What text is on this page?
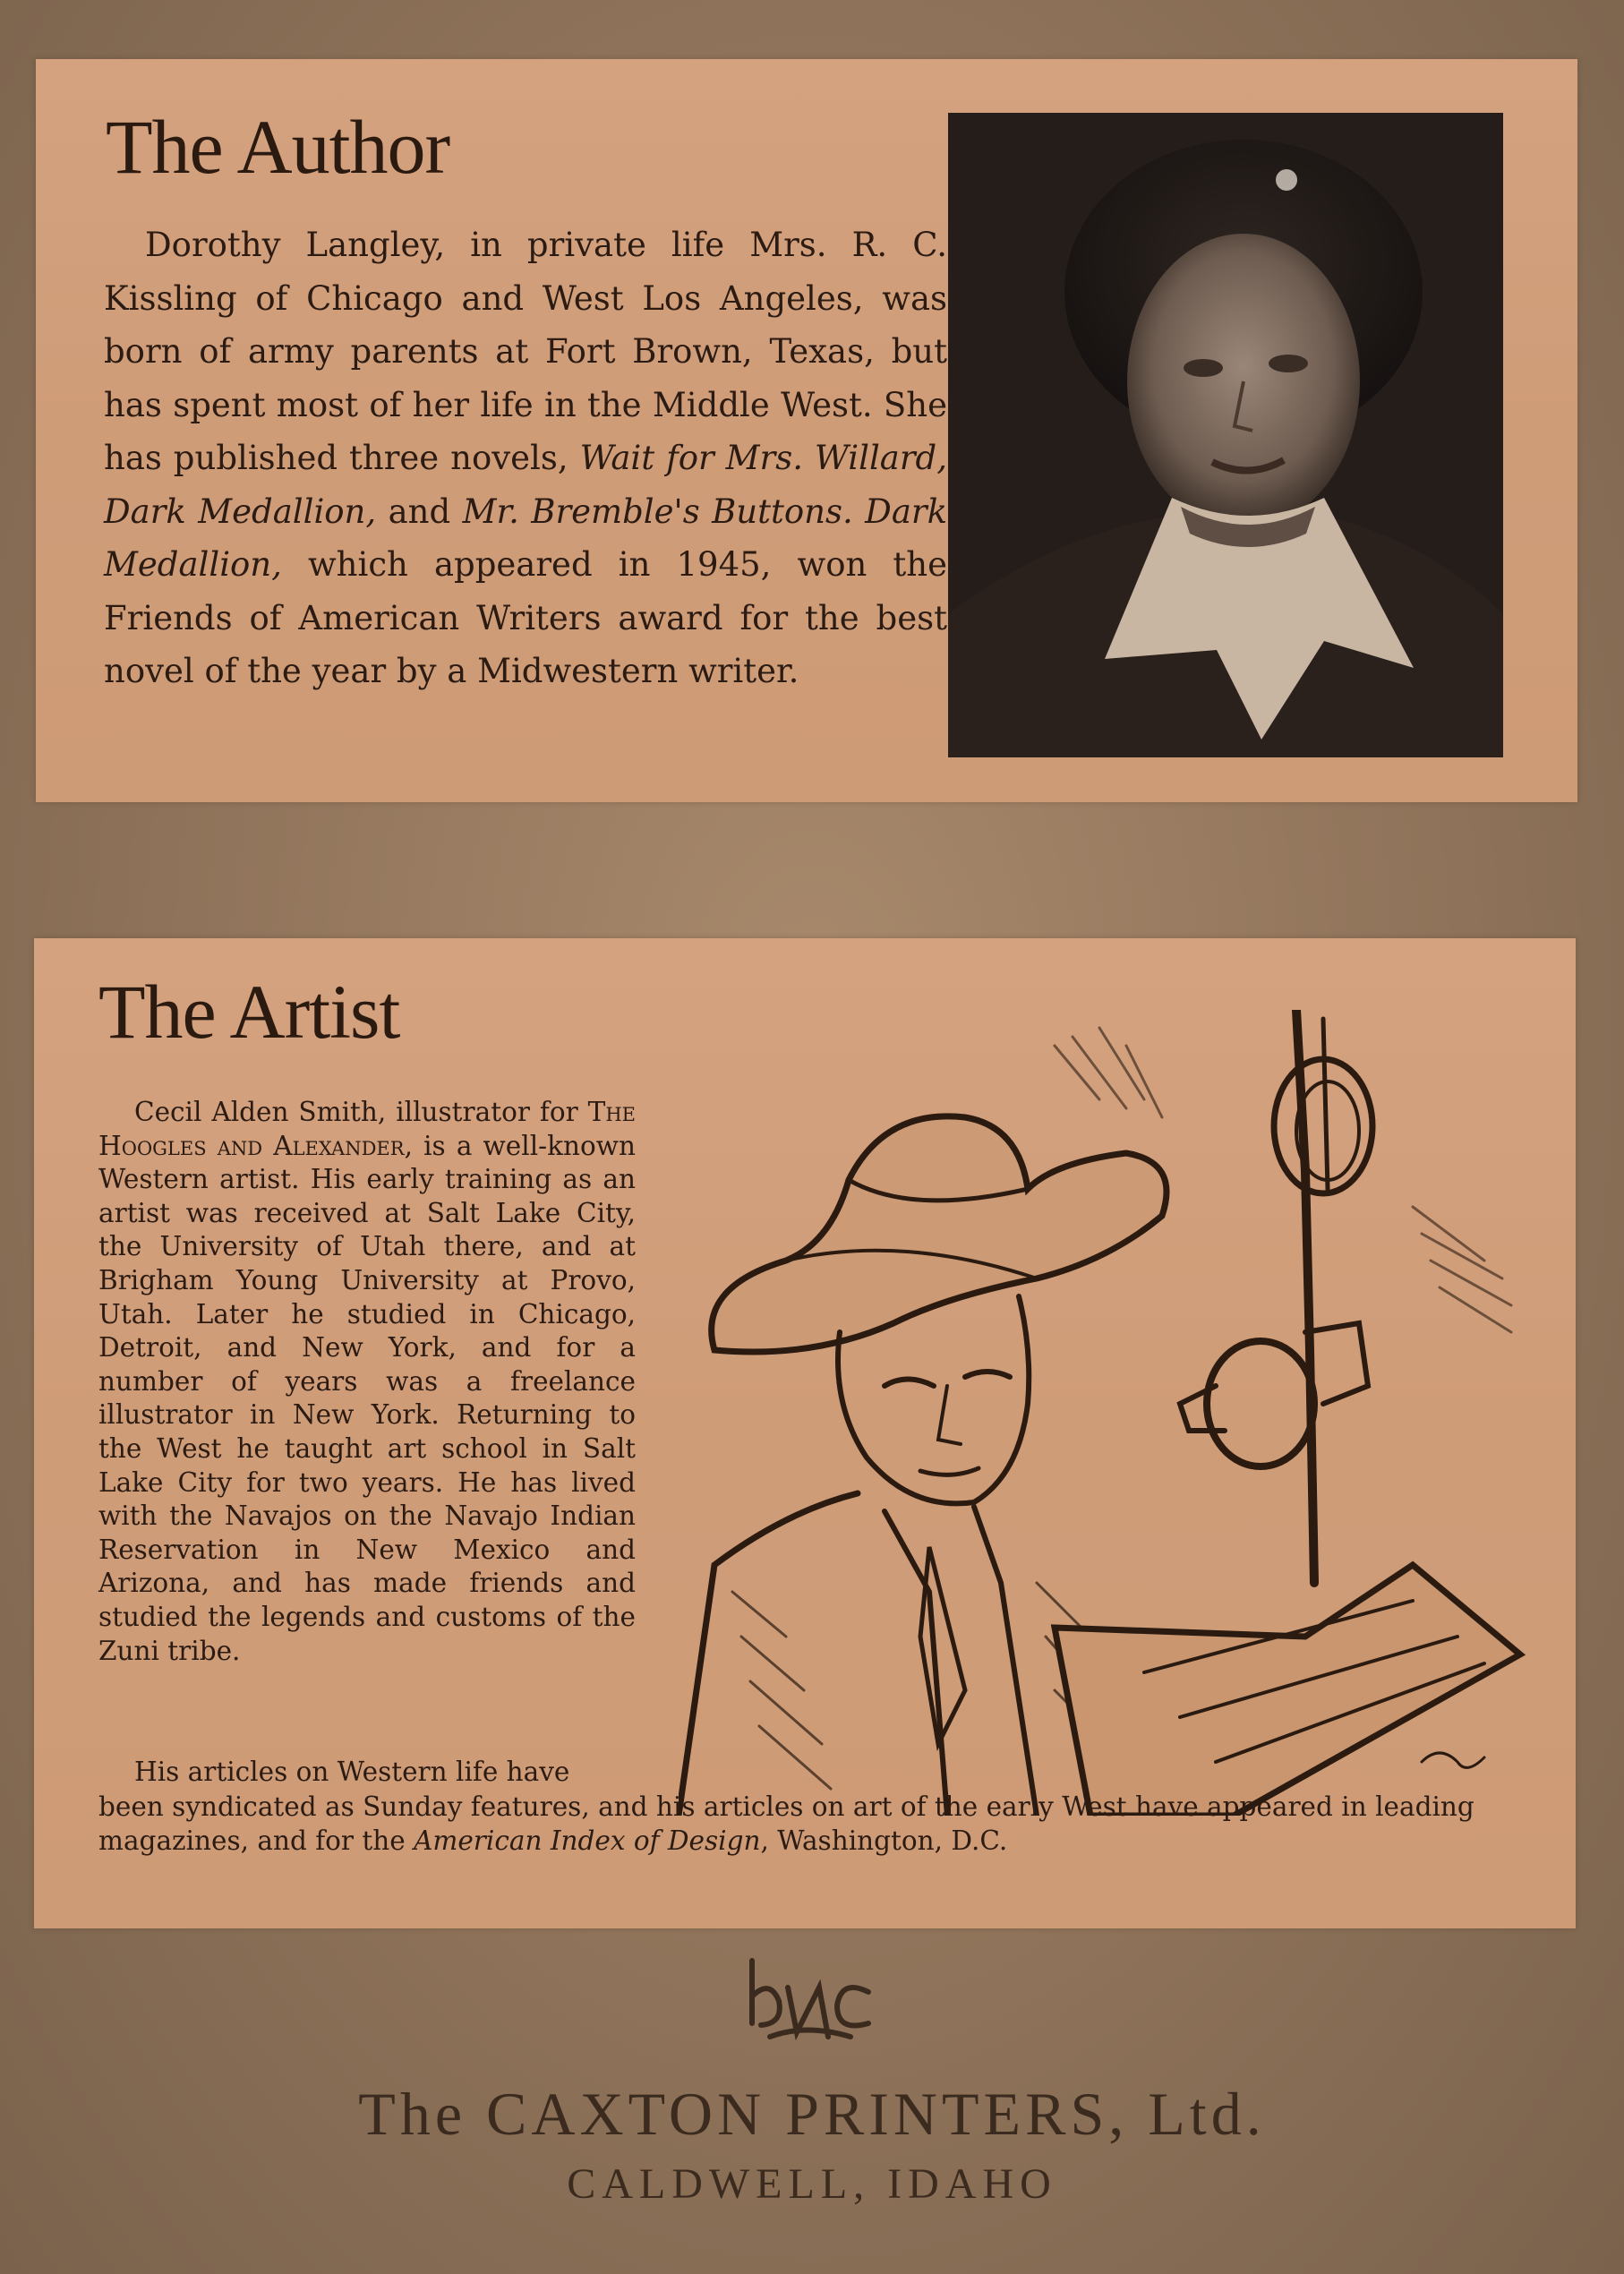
The Author

Dorothy Langley, in private life Mrs. R. C. Kissling of Chicago and West Los Angeles, was born of army parents at Fort Brown, Texas, but has spent most of her life in the Middle West. She has published three novels, Wait for Mrs. Willard, Dark Medallion, and Mr. Bremble's Buttons. Dark Medallion, which appeared in 1945, won the Friends of American Writers award for the best novel of the year by a Midwestern writer.

The Artist

Cecil Alden Smith, illustrator for The Hoogles and Alexander, is a well-known Western artist. His early training as an artist was received at Salt Lake City, the University of Utah there, and at Brigham Young University at Provo, Utah. Later he studied in Chicago, Detroit, and New York, and for a number of years was a freelance illustrator in New York. Returning to the West he taught art school in Salt Lake City for two years. He has lived with the Navajos on the Navajo Indian Reservation in New Mexico and Arizona, and has made friends and studied the legends and customs of the Zuni tribe.

His articles on Western life have
been syndicated as Sunday features, and his articles on art of the early West have appeared in leading magazines, and for the American Index of Design, Washington, D.C.
The CAXTON PRINTERS, Ltd.
CALDWELL, IDAHO
